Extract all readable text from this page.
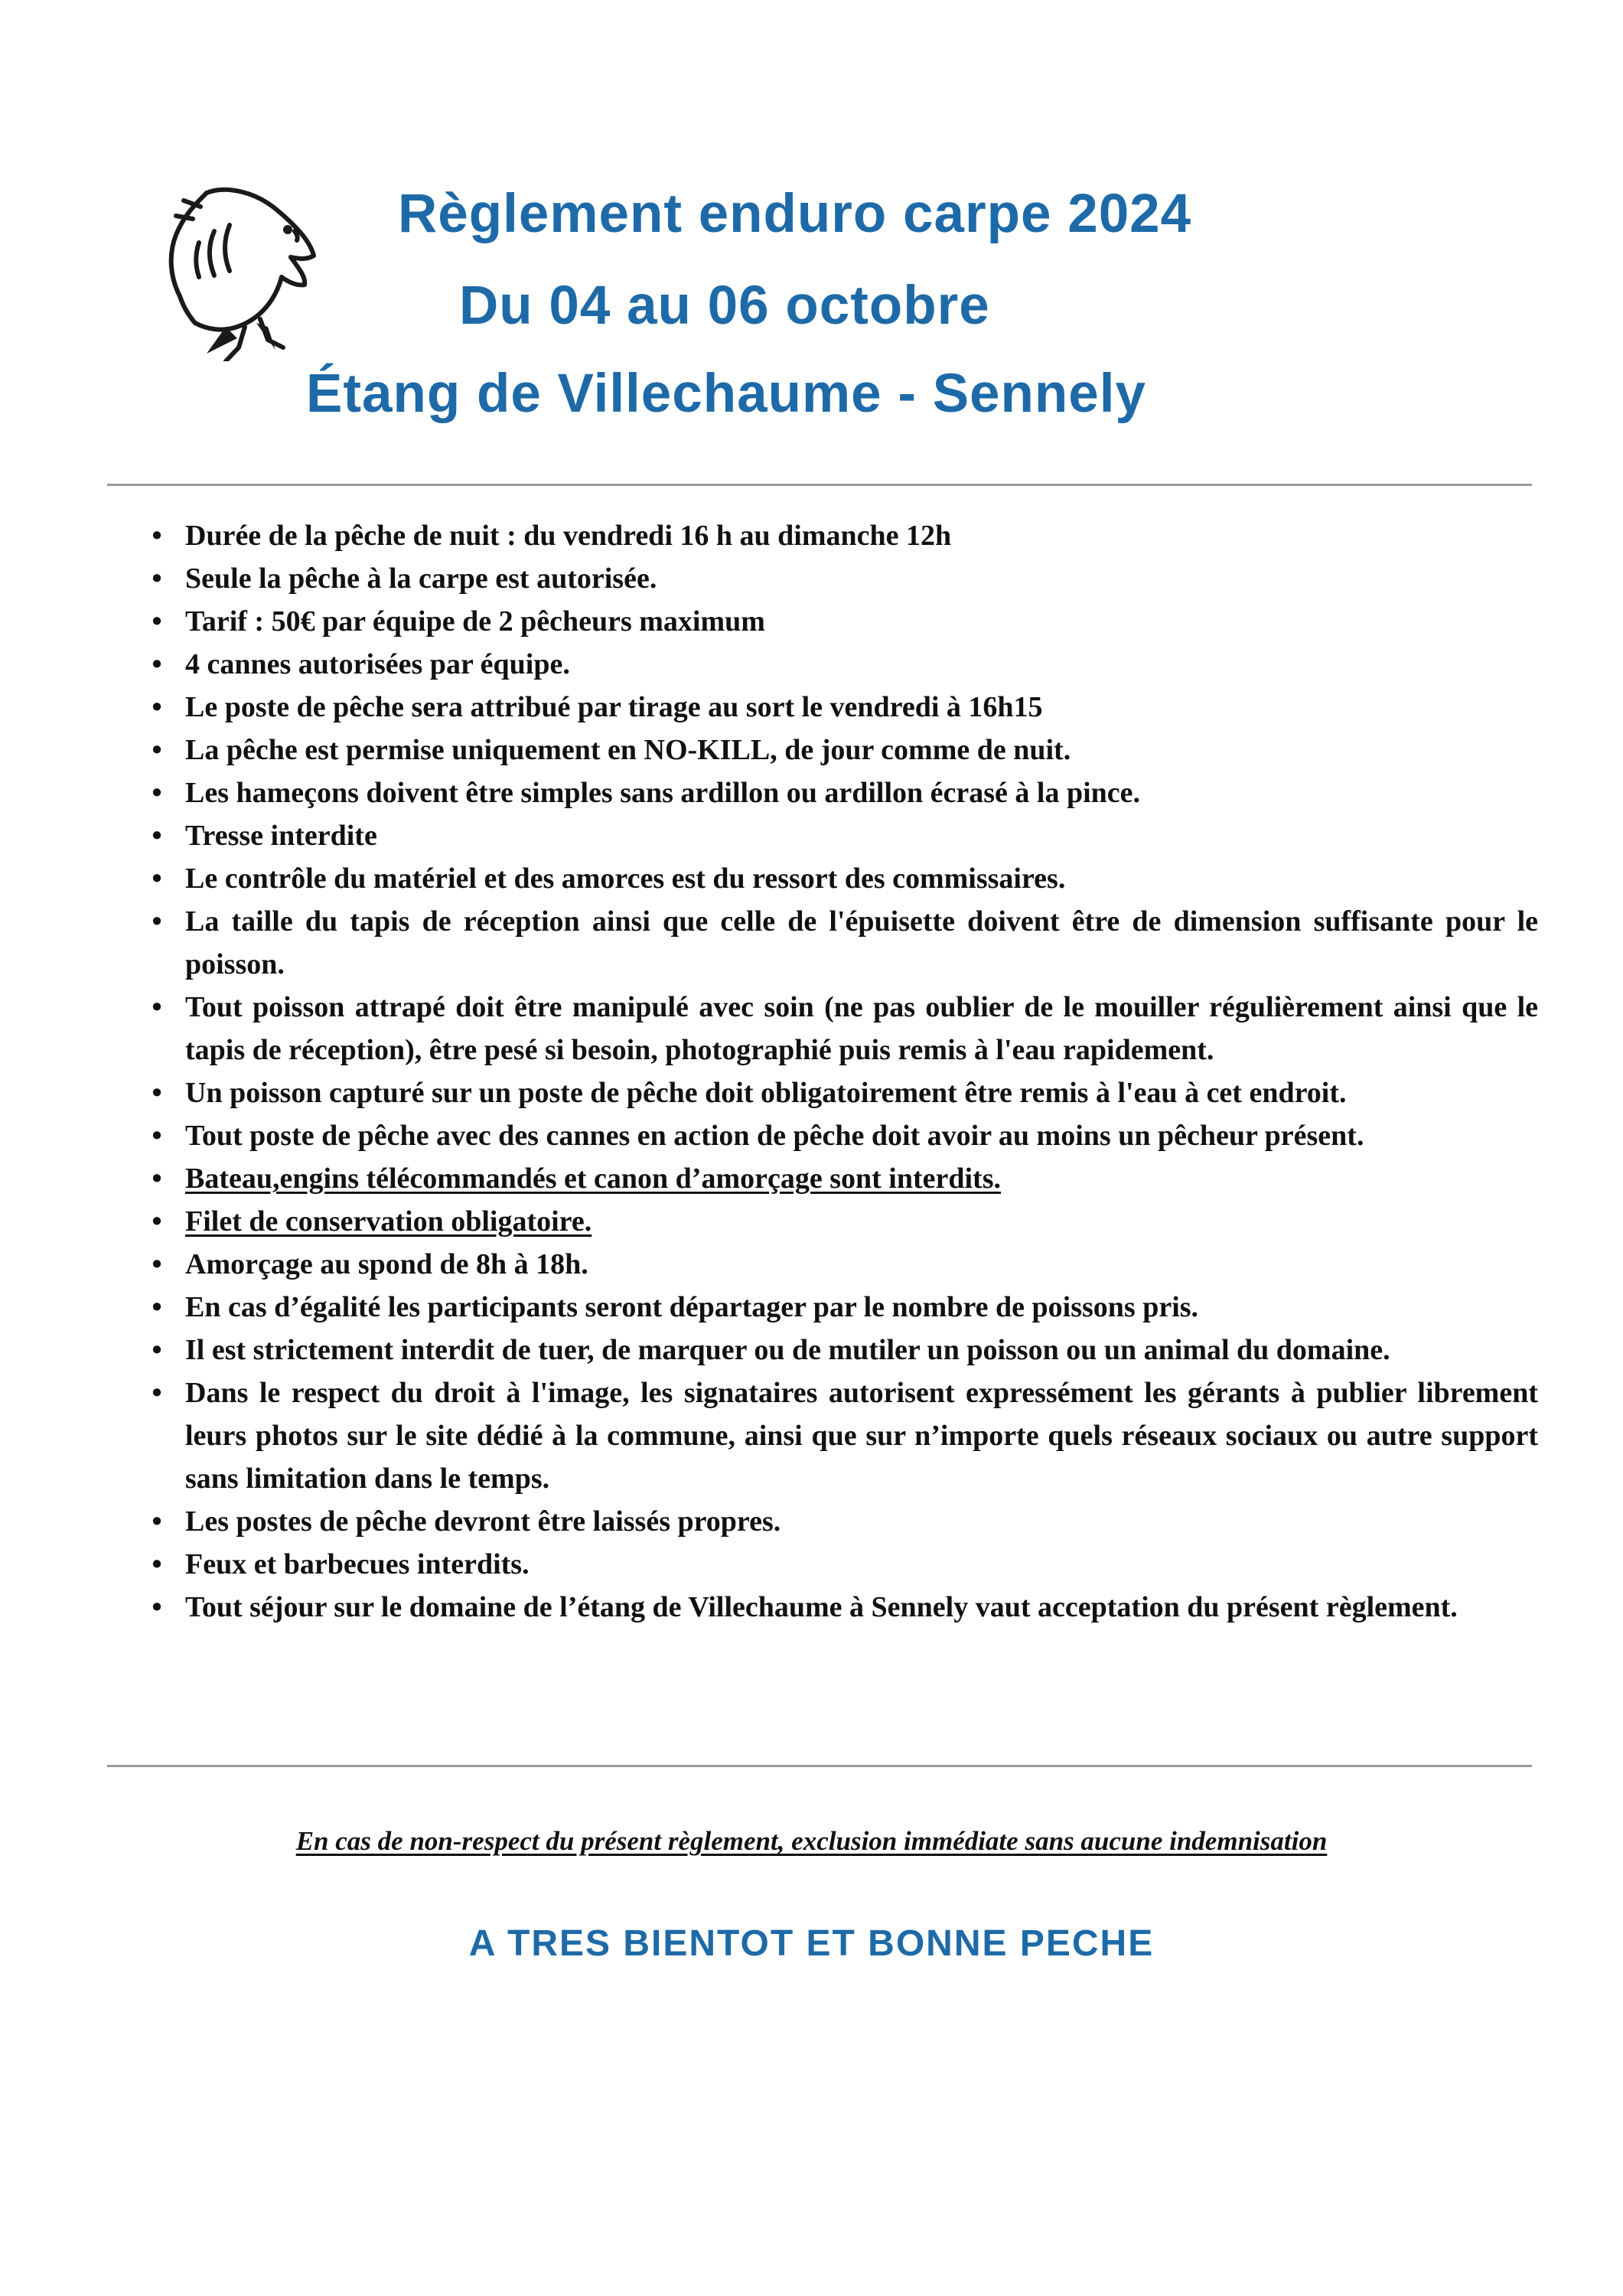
Règlement enduro carpe 2024
Du 04 au 06 octobre
Étang de Villechaume - Sennely
• Durée de la pêche de nuit : du vendredi 16 h au dimanche 12h
• Seule la pêche à la carpe est autorisée.
• Tarif : 50€ par équipe de 2 pêcheurs maximum
• 4 cannes autorisées par équipe.
• Le poste de pêche sera attribué par tirage au sort le vendredi à 16h15
• La pêche est permise uniquement en NO-KILL, de jour comme de nuit.
• Les hameçons doivent être simples sans ardillon ou ardillon écrasé à la pince.
• Tresse interdite
• Le contrôle du matériel et des amorces est du ressort des commissaires.
• La taille du tapis de réception ainsi que celle de l'épuisette doivent être de dimension suffisante pour le poisson.
• Tout poisson attrapé doit être manipulé avec soin (ne pas oublier de le mouiller régulièrement ainsi que le tapis de réception), être pesé si besoin, photographié puis remis à l'eau rapidement.
• Un poisson capturé sur un poste de pêche doit obligatoirement être remis à l'eau à cet endroit.
• Tout poste de pêche avec des cannes en action de pêche doit avoir au moins un pêcheur présent.
• Bateau,engins télécommandés et canon d’amorçage sont interdits.
• Filet de conservation obligatoire.
• Amorçage au spond de 8h à 18h.
• En cas d’égalité les participants seront départager par le nombre de poissons pris.
• Il est strictement interdit de tuer, de marquer ou de mutiler un poisson ou un animal du domaine.
• Dans le respect du droit à l'image, les signataires autorisent expressément les gérants à publier librement leurs photos sur le site dédié à la commune, ainsi que sur n’importe quels réseaux sociaux ou autre support sans limitation dans le temps.
• Les postes de pêche devront être laissés propres.
• Feux et barbecues interdits.
• Tout séjour sur le domaine de l’étang de Villechaume à Sennely vaut acceptation du présent règlement.
En cas de non-respect du présent règlement, exclusion immédiate sans aucune indemnisation
A TRES BIENTOT ET BONNE PECHE
